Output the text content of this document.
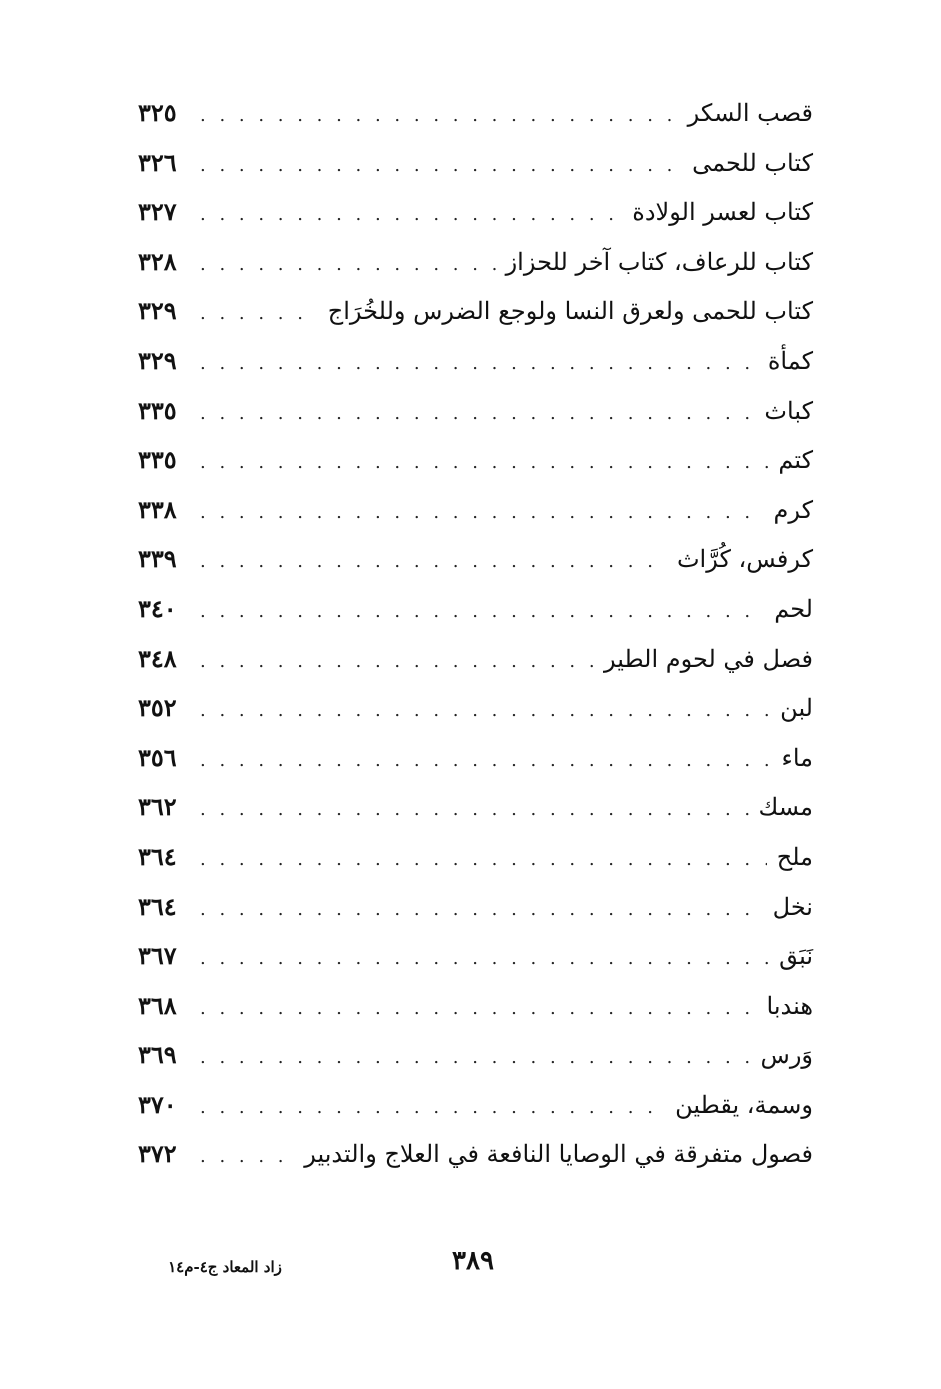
قصب السكر
. . .
٣٢٥
كتاب للحمى
. . .
٣٢٦
كتاب لعسر الولادة
. . .
٣٢٧
كتاب للرعاف، كتاب آخر للحزاز
. . .
٣٢٨
كتاب للحمى ولعرق النسا ولوجع الضرس وللخُرَاج
. . .
٣٢٩
كمأة
. . .
٣٢٩
كباث
. . .
٣٣٥
كتم
. . .
٣٣٥
كرم
. . .
٣٣٨
كرفس، كُرَّاث
. . .
٣٣٩
لحم
. . .
٣٤٠
فصل في لحوم الطير
. . .
٣٤٨
لبن
. . .
٣٥٢
ماء
. . .
٣٥٦
مسك
. . .
٣٦٢
ملح
. . .
٣٦٤
نخل
. . .
٣٦٤
نَبَق
. . .
٣٦٧
هندبا
. . .
٣٦٨
وَرس
. . .
٣٦٩
وسمة، يقطين
. . .
٣٧٠
فصول متفرقة في الوصايا النافعة في العلاج والتدبير
. . .
٣٧٢
٣٨٩
زاد المعاد ج٤-م١٤
